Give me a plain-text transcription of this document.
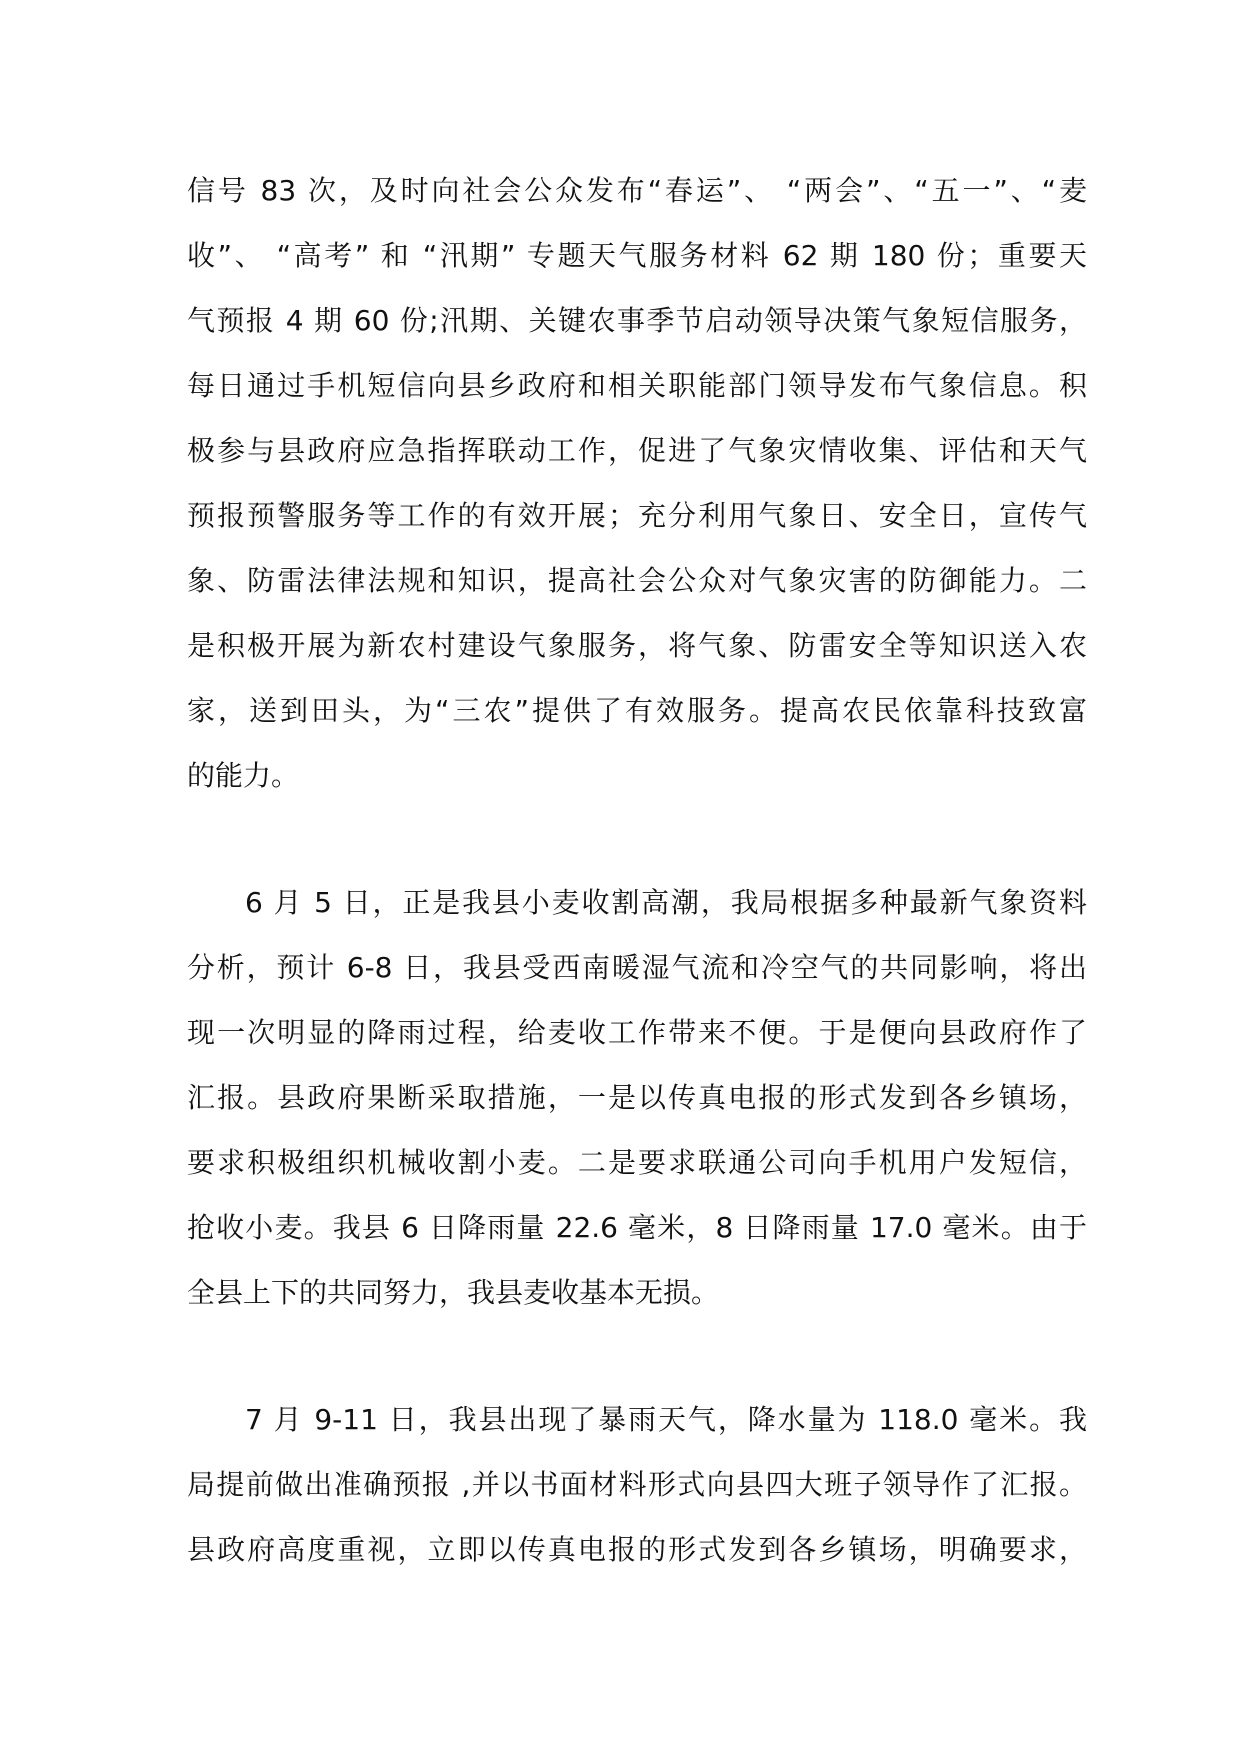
信号 83 次，及时向社会公众发布“春运”、 “两会”、“五一”、“麦
收”、 “高考” 和 “汛期” 专题天气服务材料 62 期 180 份；重要天
气预报 4 期 60 份;汛期、关键农事季节启动领导决策气象短信服务，
每日通过手机短信向县乡政府和相关职能部门领导发布气象信息。积
极参与县政府应急指挥联动工作，促进了气象灾情收集、评估和天气
预报预警服务等工作的有效开展；充分利用气象日、安全日，宣传气
象、防雷法律法规和知识，提高社会公众对气象灾害的防御能力。二
是积极开展为新农村建设气象服务，将气象、防雷安全等知识送入农
家，送到田头，为“三农”提供了有效服务。提高农民依靠科技致富
的能力。
6 月 5 日，正是我县小麦收割高潮，我局根据多种最新气象资料
分析，预计 6-8 日，我县受西南暖湿气流和冷空气的共同影响，将出
现一次明显的降雨过程，给麦收工作带来不便。于是便向县政府作了
汇报。县政府果断采取措施，一是以传真电报的形式发到各乡镇场，
要求积极组织机械收割小麦。二是要求联通公司向手机用户发短信，
抢收小麦。我县 6 日降雨量 22.6 毫米，8 日降雨量 17.0 毫米。由于
全县上下的共同努力，我县麦收基本无损。
7 月 9-11 日，我县出现了暴雨天气，降水量为 118.0 毫米。我
局提前做出准确预报 ,并以书面材料形式向县四大班子领导作了汇报。
县政府高度重视，立即以传真电报的形式发到各乡镇场，明确要求，
